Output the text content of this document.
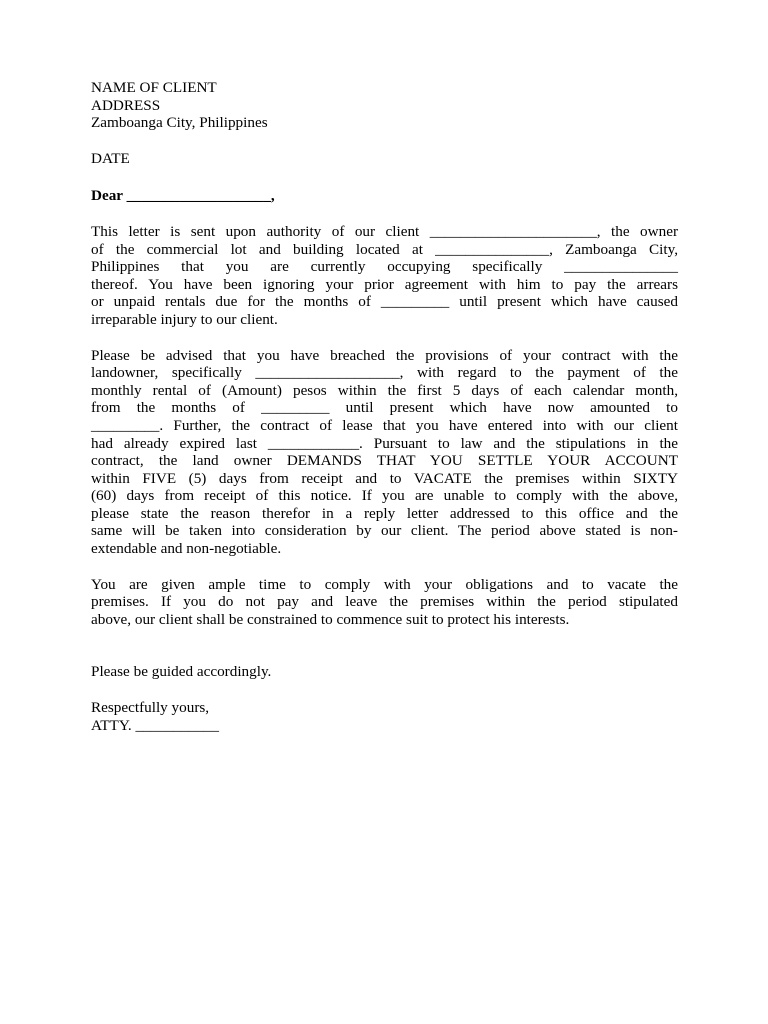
NAME OF CLIENT
ADDRESS
Zamboanga City, Philippines
DATE
Dear ___________________,
This letter is sent upon authority of our client ______________________, the owner
of the commercial lot and building located at _______________, Zamboanga City,
Philippines that you are currently occupying specifically _______________
thereof. You have been ignoring your prior agreement with him to pay the arrears
or unpaid rentals due for the months of _________ until present which have caused
irreparable injury to our client.
Please be advised that you have breached the provisions of your contract with the
landowner, specifically ___________________, with regard to the payment of the
monthly rental of (Amount) pesos within the first 5 days of each calendar month,
from the months of _________ until present which have now amounted to
_________. Further, the contract of lease that you have entered into with our client
had already expired last ____________. Pursuant to law and the stipulations in the
contract, the land owner DEMANDS THAT YOU SETTLE YOUR ACCOUNT
within FIVE (5) days from receipt and to VACATE the premises within SIXTY
(60) days from receipt of this notice. If you are unable to comply with the above,
please state the reason therefor in a reply letter addressed to this office and the
same will be taken into consideration by our client. The period above stated is non-
extendable and non-negotiable.
You are given ample time to comply with your obligations and to vacate the
premises. If you do not pay and leave the premises within the period stipulated
above, our client shall be constrained to commence suit to protect his interests.
Please be guided accordingly.
Respectfully yours,
ATTY. ___________
